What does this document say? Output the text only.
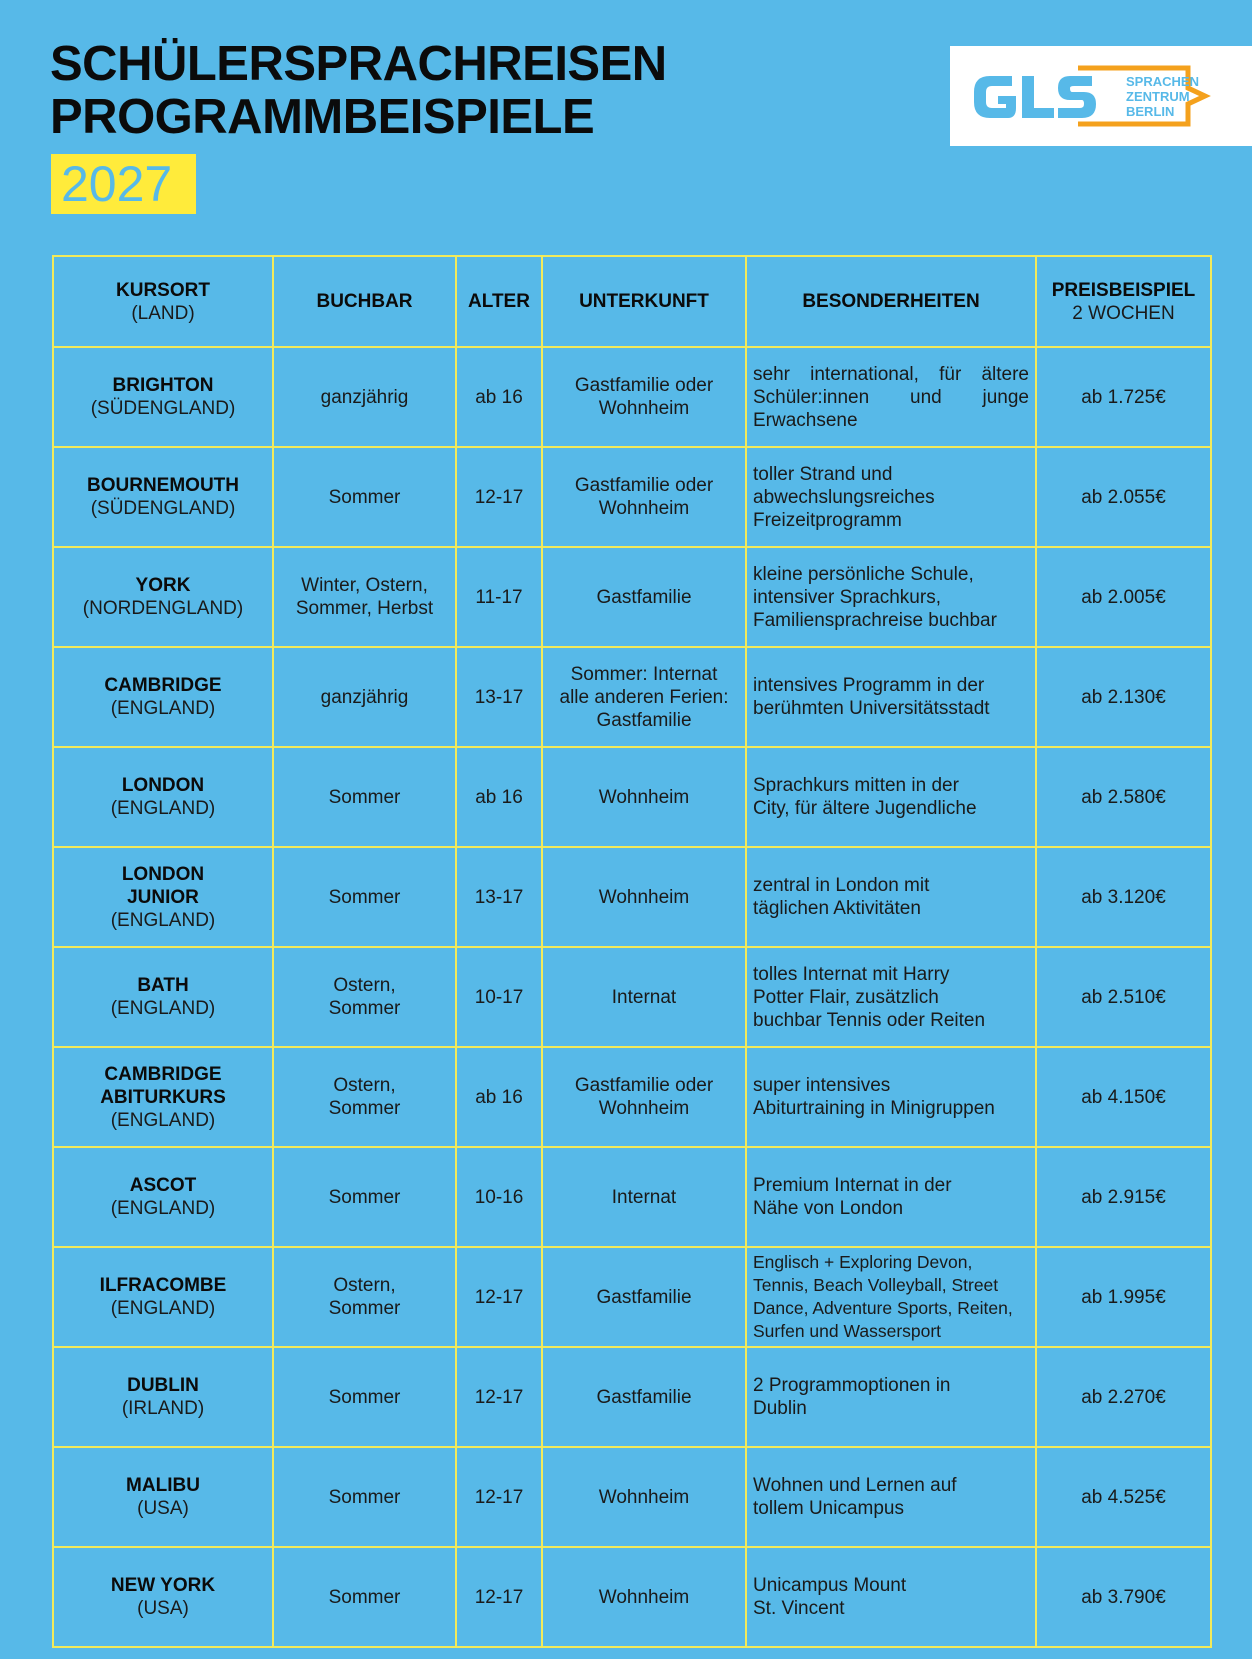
SCHÜLERSPRACHREISEN
PROGRAMMBEISPIELE
2027
SPRACHEN
ZENTRUM
BERLIN
KURSORT
(LAND)	BUCHBAR	ALTER	UNTERKUNFT	BESONDERHEITEN	PREISBEISPIEL
2 WOCHEN

BRIGHTON
(SÜDENGLAND)	ganzjährig	ab 16	Gastfamilie oder
Wohnheim	sehr international, für ältere Schüler:innen und junge Erwachsene	ab 1.725€

BOURNEMOUTH
(SÜDENGLAND)	Sommer	12-17	Gastfamilie oder
Wohnheim	toller Strand und
abwechslungsreiches
Freizeitprogramm	ab 2.055€

YORK
(NORDENGLAND)	Winter, Ostern,
Sommer, Herbst	11-17	Gastfamilie	kleine persönliche Schule,
intensiver Sprachkurs,
Familiensprachreise buchbar	ab 2.005€

CAMBRIDGE
(ENGLAND)	ganzjährig	13-17	Sommer: Internat
alle anderen Ferien:
Gastfamilie	intensives Programm in der
berühmten Universitätsstadt	ab 2.130€

LONDON
(ENGLAND)	Sommer	ab 16	Wohnheim	Sprachkurs mitten in der
City, für ältere Jugendliche	ab 2.580€

LONDON
JUNIOR
(ENGLAND)	Sommer	13-17	Wohnheim	zentral in London mit
täglichen Aktivitäten	ab 3.120€

BATH
(ENGLAND)	Ostern,
Sommer	10-17	Internat	tolles Internat mit Harry
Potter Flair, zusätzlich
buchbar Tennis oder Reiten	ab 2.510€

CAMBRIDGE
ABITURKURS
(ENGLAND)	Ostern,
Sommer	ab 16	Gastfamilie oder
Wohnheim	super intensives
Abiturtraining in Minigruppen	ab 4.150€

ASCOT
(ENGLAND)	Sommer	10-16	Internat	Premium Internat in der
Nähe von London	ab 2.915€

ILFRACOMBE
(ENGLAND)	Ostern,
Sommer	12-17	Gastfamilie	Englisch + Exploring Devon,
Tennis, Beach Volleyball, Street
Dance, Adventure Sports, Reiten,
Surfen und Wassersport	ab 1.995€

DUBLIN
(IRLAND)	Sommer	12-17	Gastfamilie	2 Programmoptionen in
Dublin	ab 2.270€

MALIBU
(USA)	Sommer	12-17	Wohnheim	Wohnen und Lernen auf
tollem Unicampus	ab 4.525€

NEW YORK
(USA)	Sommer	12-17	Wohnheim	Unicampus Mount
St. Vincent	ab 3.790€
